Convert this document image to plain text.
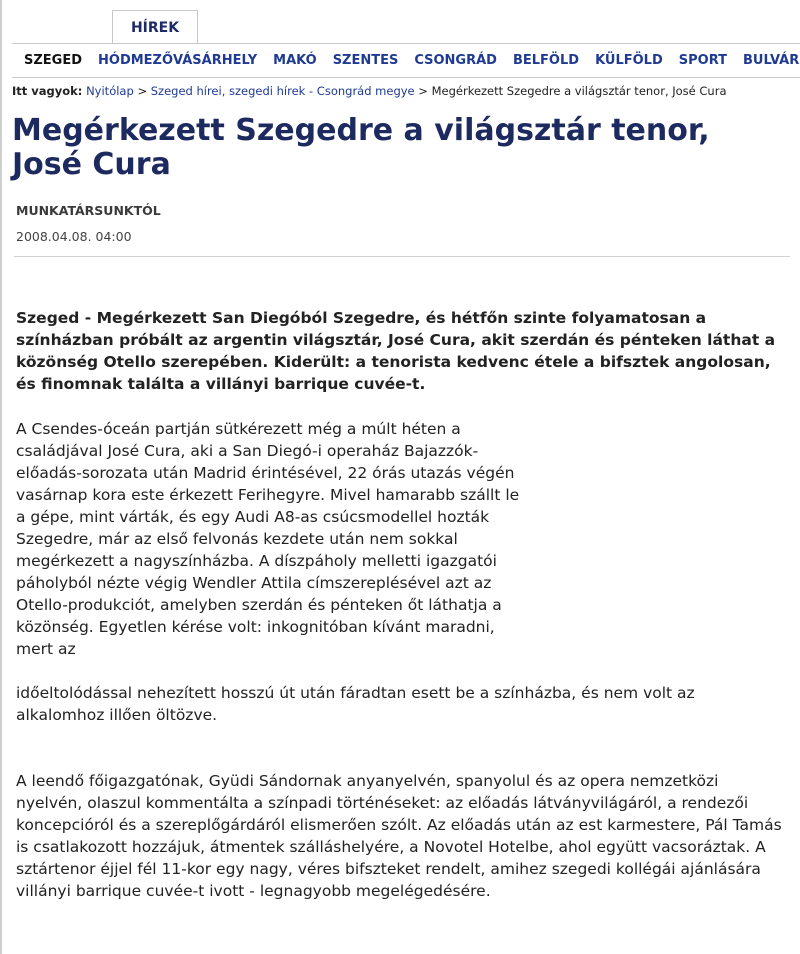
HÍREK
SZEGED	HÓDMEZŐVÁSÁRHELY	MAKÓ	SZENTES	CSONGRÁD	BELFÖLD	KÜLFÖLD	SPORT	BULVÁR
Itt vagyok: Nyitólap > Szeged hírei, szegedi hírek - Csongrád megye > Megérkezett Szegedre a világsztár tenor, José Cura
Megérkezett Szegedre a világsztár tenor, José Cura
MUNKATÁRSUNKTÓL
2008.04.08. 04:00

Szeged - Megérkezett San Diegóból Szegedre, és hétfőn szinte folyamatosan a színházban próbált az argentin világsztár, José Cura, akit szerdán és pénteken láthat a közönség Otello szerepében. Kiderült: a tenorista kedvenc étele a bifsztek angolosan, és finomnak találta a villányi barrique cuvée-t.

A Csendes-óceán partján sütkérezett még a múlt héten a családjával José Cura, aki a San Diegó-i operaház Bajazzók-előadás-sorozata után Madrid érintésével, 22 órás utazás végén vasárnap kora este érkezett Ferihegyre. Mivel hamarabb szállt le a gépe, mint várták, és egy Audi A8-as csúcsmodellel hozták Szegedre, már az első felvonás kezdete után nem sokkal megérkezett a nagyszínházba. A díszpáholy melletti igazgatói páholyból nézte végig Wendler Attila címszereplésével azt az Otello-produkciót, amelyben szerdán és pénteken őt láthatja a közönség. Egyetlen kérése volt: inkognitóban kívánt maradni, mert az

időeltolódással nehezített hosszú út után fáradtan esett be a színházba, és nem volt az alkalomhoz illően öltözve.

A leendő főigazgatónak, Gyüdi Sándornak anyanyelvén, spanyolul és az opera nemzetközi nyelvén, olaszul kommentálta a színpadi történéseket: az előadás látványvilágáról, a rendezői koncepcióról és a szereplőgárdáról elismerően szólt. Az előadás után az est karmestere, Pál Tamás is csatlakozott hozzájuk, átmentek szálláshelyére, a Novotel Hotelbe, ahol együtt vacsoráztak. A sztártenor éjjel fél 11-kor egy nagy, véres bifszteket rendelt, amihez szegedi kollégái ajánlására villányi barrique cuvée-t ivott - legnagyobb megelégedésére.
